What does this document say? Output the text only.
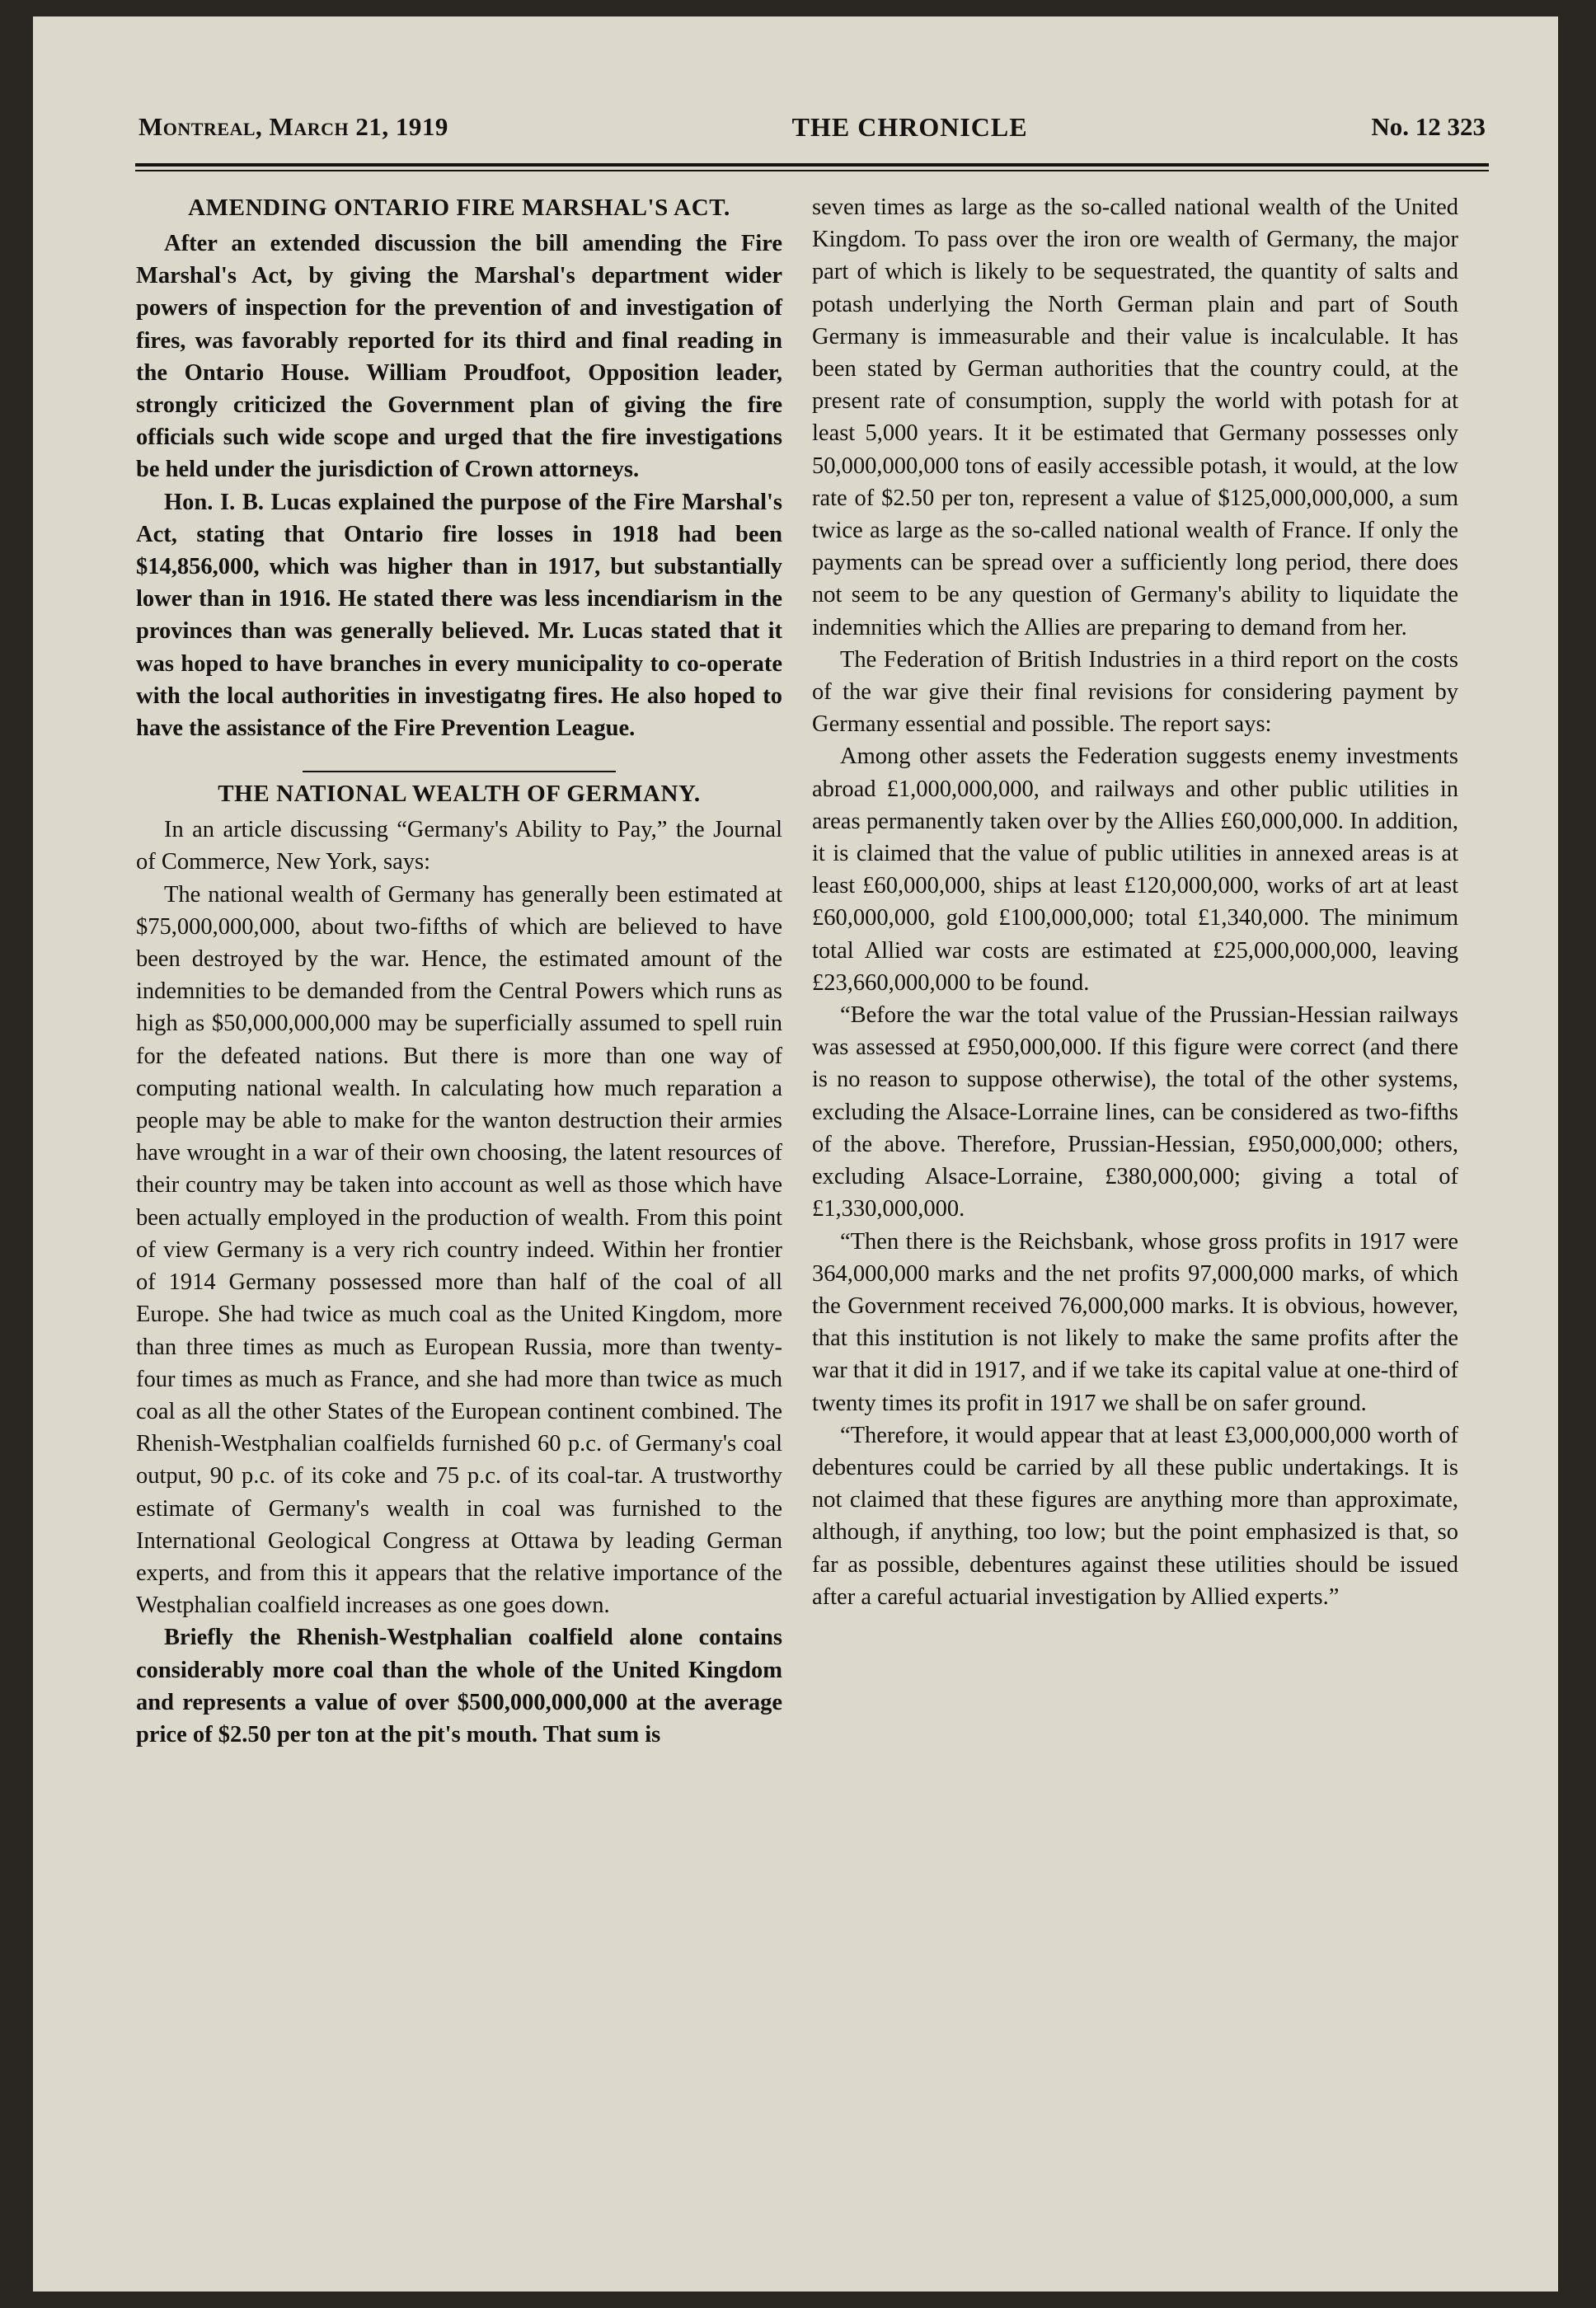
Montreal, March 21, 1919	THE CHRONICLE	No. 12 323
AMENDING ONTARIO FIRE MARSHAL'S ACT.

After an extended discussion the bill amending the Fire Marshal's Act, by giving the Marshal's department wider powers of inspection for the prevention of and investigation of fires, was favorably reported for its third and final reading in the Ontario House. William Proudfoot, Opposition leader, strongly criticized the Government plan of giving the fire officials such wide scope and urged that the fire investigations be held under the jurisdiction of Crown attorneys.

Hon. I. B. Lucas explained the purpose of the Fire Marshal's Act, stating that Ontario fire losses in 1918 had been $14,856,000, which was higher than in 1917, but substantially lower than in 1916. He stated there was less incendiarism in the provinces than was generally believed. Mr. Lucas stated that it was hoped to have branches in every municipality to co-operate with the local authorities in investigatng fires. He also hoped to have the assistance of the Fire Prevention League.

THE NATIONAL WEALTH OF GERMANY.

In an article discussing “Germany's Ability to Pay,” the Journal of Commerce, New York, says:

The national wealth of Germany has generally been estimated at $75,000,000,000, about two-fifths of which are believed to have been destroyed by the war. Hence, the estimated amount of the indemnities to be demanded from the Central Powers which runs as high as $50,000,000,000 may be superficially assumed to spell ruin for the defeated nations. But there is more than one way of computing national wealth. In calculating how much reparation a people may be able to make for the wanton destruction their armies have wrought in a war of their own choosing, the latent resources of their country may be taken into account as well as those which have been actually employed in the production of wealth. From this point of view Germany is a very rich country indeed. Within her frontier of 1914 Germany possessed more than half of the coal of all Europe. She had twice as much coal as the United Kingdom, more than three times as much as European Russia, more than twenty-four times as much as France, and she had more than twice as much coal as all the other States of the European continent combined. The Rhenish-Westphalian coalfields furnished 60 p.c. of Germany's coal output, 90 p.c. of its coke and 75 p.c. of its coal-tar. A trustworthy estimate of Germany's wealth in coal was furnished to the International Geological Congress at Ottawa by leading German experts, and from this it appears that the relative importance of the Westphalian coalfield increases as one goes down.

Briefly the Rhenish-Westphalian coalfield alone contains considerably more coal than the whole of the United Kingdom and represents a value of over $500,000,000,000 at the average price of $2.50 per ton at the pit's mouth. That sum is

seven times as large as the so-called national wealth of the United Kingdom. To pass over the iron ore wealth of Germany, the major part of which is likely to be sequestrated, the quantity of salts and potash underlying the North German plain and part of South Germany is immeasurable and their value is incalculable. It has been stated by German authorities that the country could, at the present rate of consumption, supply the world with potash for at least 5,000 years. It it be estimated that Germany possesses only 50,000,000,000 tons of easily accessible potash, it would, at the low rate of $2.50 per ton, represent a value of $125,000,000,000, a sum twice as large as the so-called national wealth of France. If only the payments can be spread over a sufficiently long period, there does not seem to be any question of Germany's ability to liquidate the indemnities which the Allies are preparing to demand from her.

The Federation of British Industries in a third report on the costs of the war give their final revisions for considering payment by Germany essential and possible. The report says:

Among other assets the Federation suggests enemy investments abroad £1,000,000,000, and railways and other public utilities in areas permanently taken over by the Allies £60,000,000. In addition, it is claimed that the value of public utilities in annexed areas is at least £60,000,000, ships at least £120,000,000, works of art at least £60,000,000, gold £100,000,000; total £1,340,000. The minimum total Allied war costs are estimated at £25,000,000,000, leaving £23,660,000,000 to be found.

“Before the war the total value of the Prussian-Hessian railways was assessed at £950,000,000. If this figure were correct (and there is no reason to suppose otherwise), the total of the other systems, excluding the Alsace-Lorraine lines, can be considered as two-fifths of the above. Therefore, Prussian-Hessian, £950,000,000; others, excluding Alsace-Lorraine, £380,000,000; giving a total of £1,330,000,000.

“Then there is the Reichsbank, whose gross profits in 1917 were 364,000,000 marks and the net profits 97,000,000 marks, of which the Government received 76,000,000 marks. It is obvious, however, that this institution is not likely to make the same profits after the war that it did in 1917, and if we take its capital value at one-third of twenty times its profit in 1917 we shall be on safer ground.

“Therefore, it would appear that at least £3,000,000,000 worth of debentures could be carried by all these public undertakings. It is not claimed that these figures are anything more than approximate, although, if anything, too low; but the point emphasized is that, so far as possible, debentures against these utilities should be issued after a careful actuarial investigation by Allied experts.”
